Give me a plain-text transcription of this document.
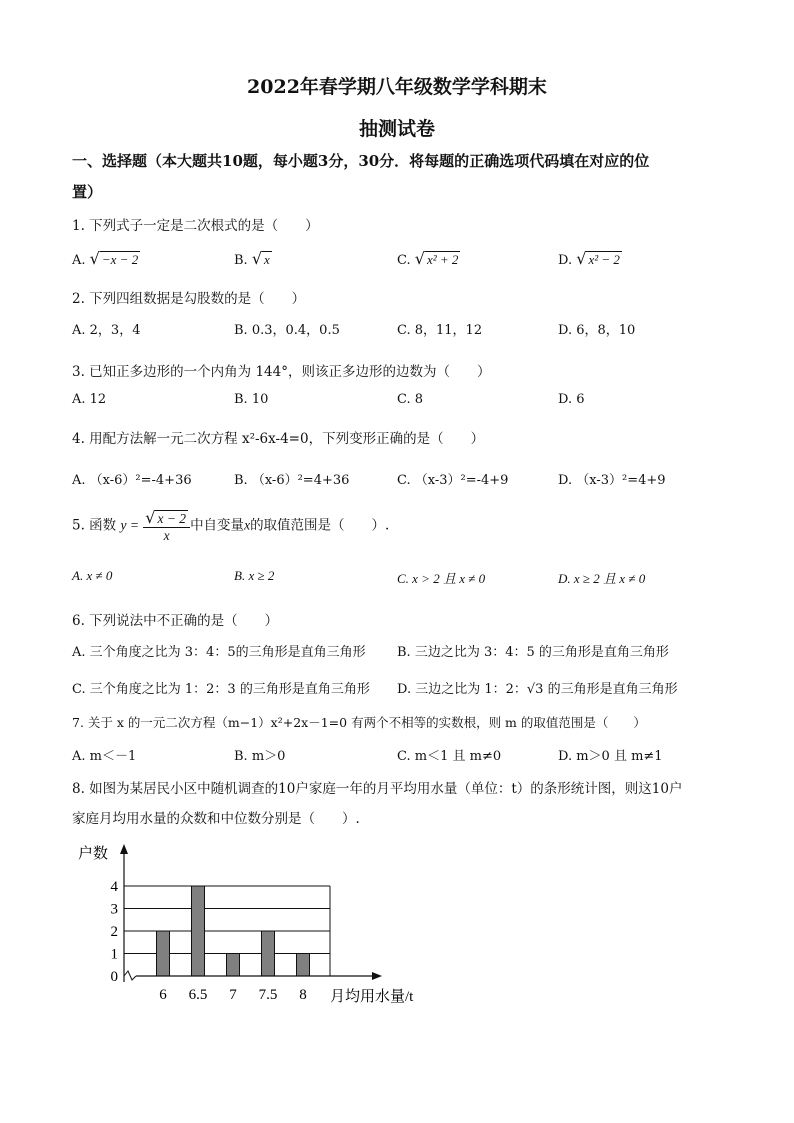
2022年春学期八年级数学学科期末
抽测试卷
一、选择题（本大题共10题，每小题3分，30分．将每题的正确选项代码填在对应的位
置）
1. 下列式子一定是二次根式的是（　　）
A. √ −x − 2	B. √ x	C. √ x² + 2	D. √ x² − 2
2. 下列四组数据是勾股数的是（　　）
A. 2，3，4	B. 0.3，0.4，0.5	C. 8，11，12	D. 6，8，10
3. 已知正多边形的一个内角为 144°，则该正多边形的边数为（　　）
A. 12	B. 10	C. 8	D. 6
4. 用配方法解一元二次方程 x²-6x-4=0，下列变形正确的是（　　）
A. （x-6）²=-4+36	B. （x-6）²=4+36	C. （x-3）²=-4+9	D. （x-3）²=4+9
5. 函数 $y = \frac{√ x - 2}{x}$ 中自变量x的取值范围是（　　）.
A. x ≠ 0	B. x ≥ 2	C. x > 2 且 x ≠ 0	D. x ≥ 2 且 x ≠ 0
6. 下列说法中不正确的是（　　）
A. 三个角度之比为 3：4：5的三角形是直角三角形 B. 三边之比为 3：4：5 的三角形是直角三角形
C. 三个角度之比为 1：2：3 的三角形是直角三角形 D. 三边之比为 1：2：√3 的三角形是直角三角形
7. 关于 x 的一元二次方程（m−1）x²+2x－1=0 有两个不相等的实数根，则 m 的取值范围是（　　）
A. m＜－1	B. m＞0	C. m＜1 且 m≠0	D. m＞0 且 m≠1
8. 如图为某居民小区中随机调查的10户家庭一年的月平均用水量（单位：t）的条形统计图，则这10户
家庭月均用水量的众数和中位数分别是（　　）.
0
1
2
3
4
6 6.5 7 7.5 8
户数
月均用水量/t
